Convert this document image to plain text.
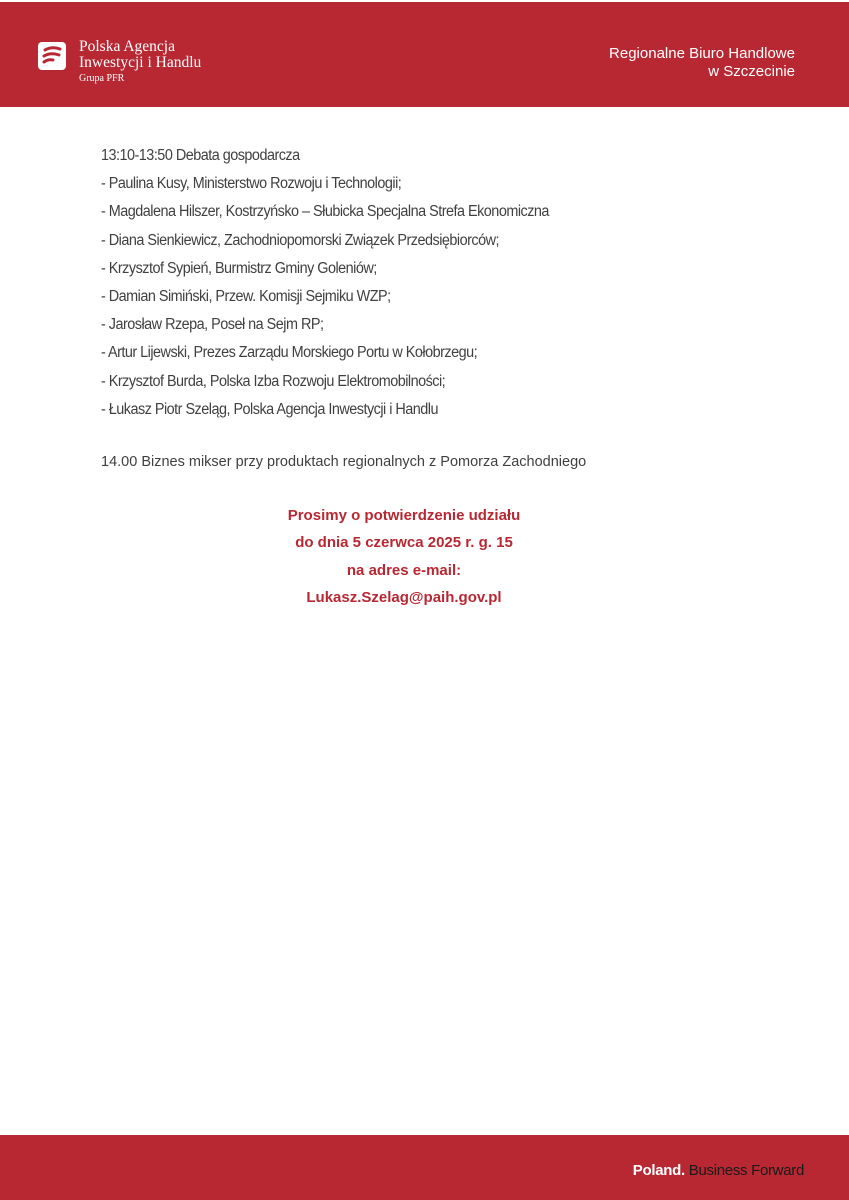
Polska Agencja
Inwestycji i Handlu
Grupa PFR
Regionalne Biuro Handlowe
w Szczecinie
13:10-13:50 Debata gospodarcza
- Paulina Kusy, Ministerstwo Rozwoju i Technologii;
- Magdalena Hilszer, Kostrzyńsko – Słubicka Specjalna Strefa Ekonomiczna
- Diana Sienkiewicz, Zachodniopomorski Związek Przedsiębiorców;
- Krzysztof Sypień, Burmistrz Gminy Goleniów;
- Damian Simiński, Przew. Komisji Sejmiku WZP;
- Jarosław Rzepa, Poseł na Sejm RP;
- Artur Lijewski, Prezes Zarządu Morskiego Portu w Kołobrzegu;
- Krzysztof Burda, Polska Izba Rozwoju Elektromobilności;
- Łukasz Piotr Szeląg, Polska Agencja Inwestycji i Handlu
14.00 Biznes mikser przy produktach regionalnych z Pomorza Zachodniego
Prosimy o potwierdzenie udziału
do dnia 5 czerwca 2025 r. g. 15
na adres e-mail:
Lukasz.Szelag@paih.gov.pl
Poland. Business Forward
